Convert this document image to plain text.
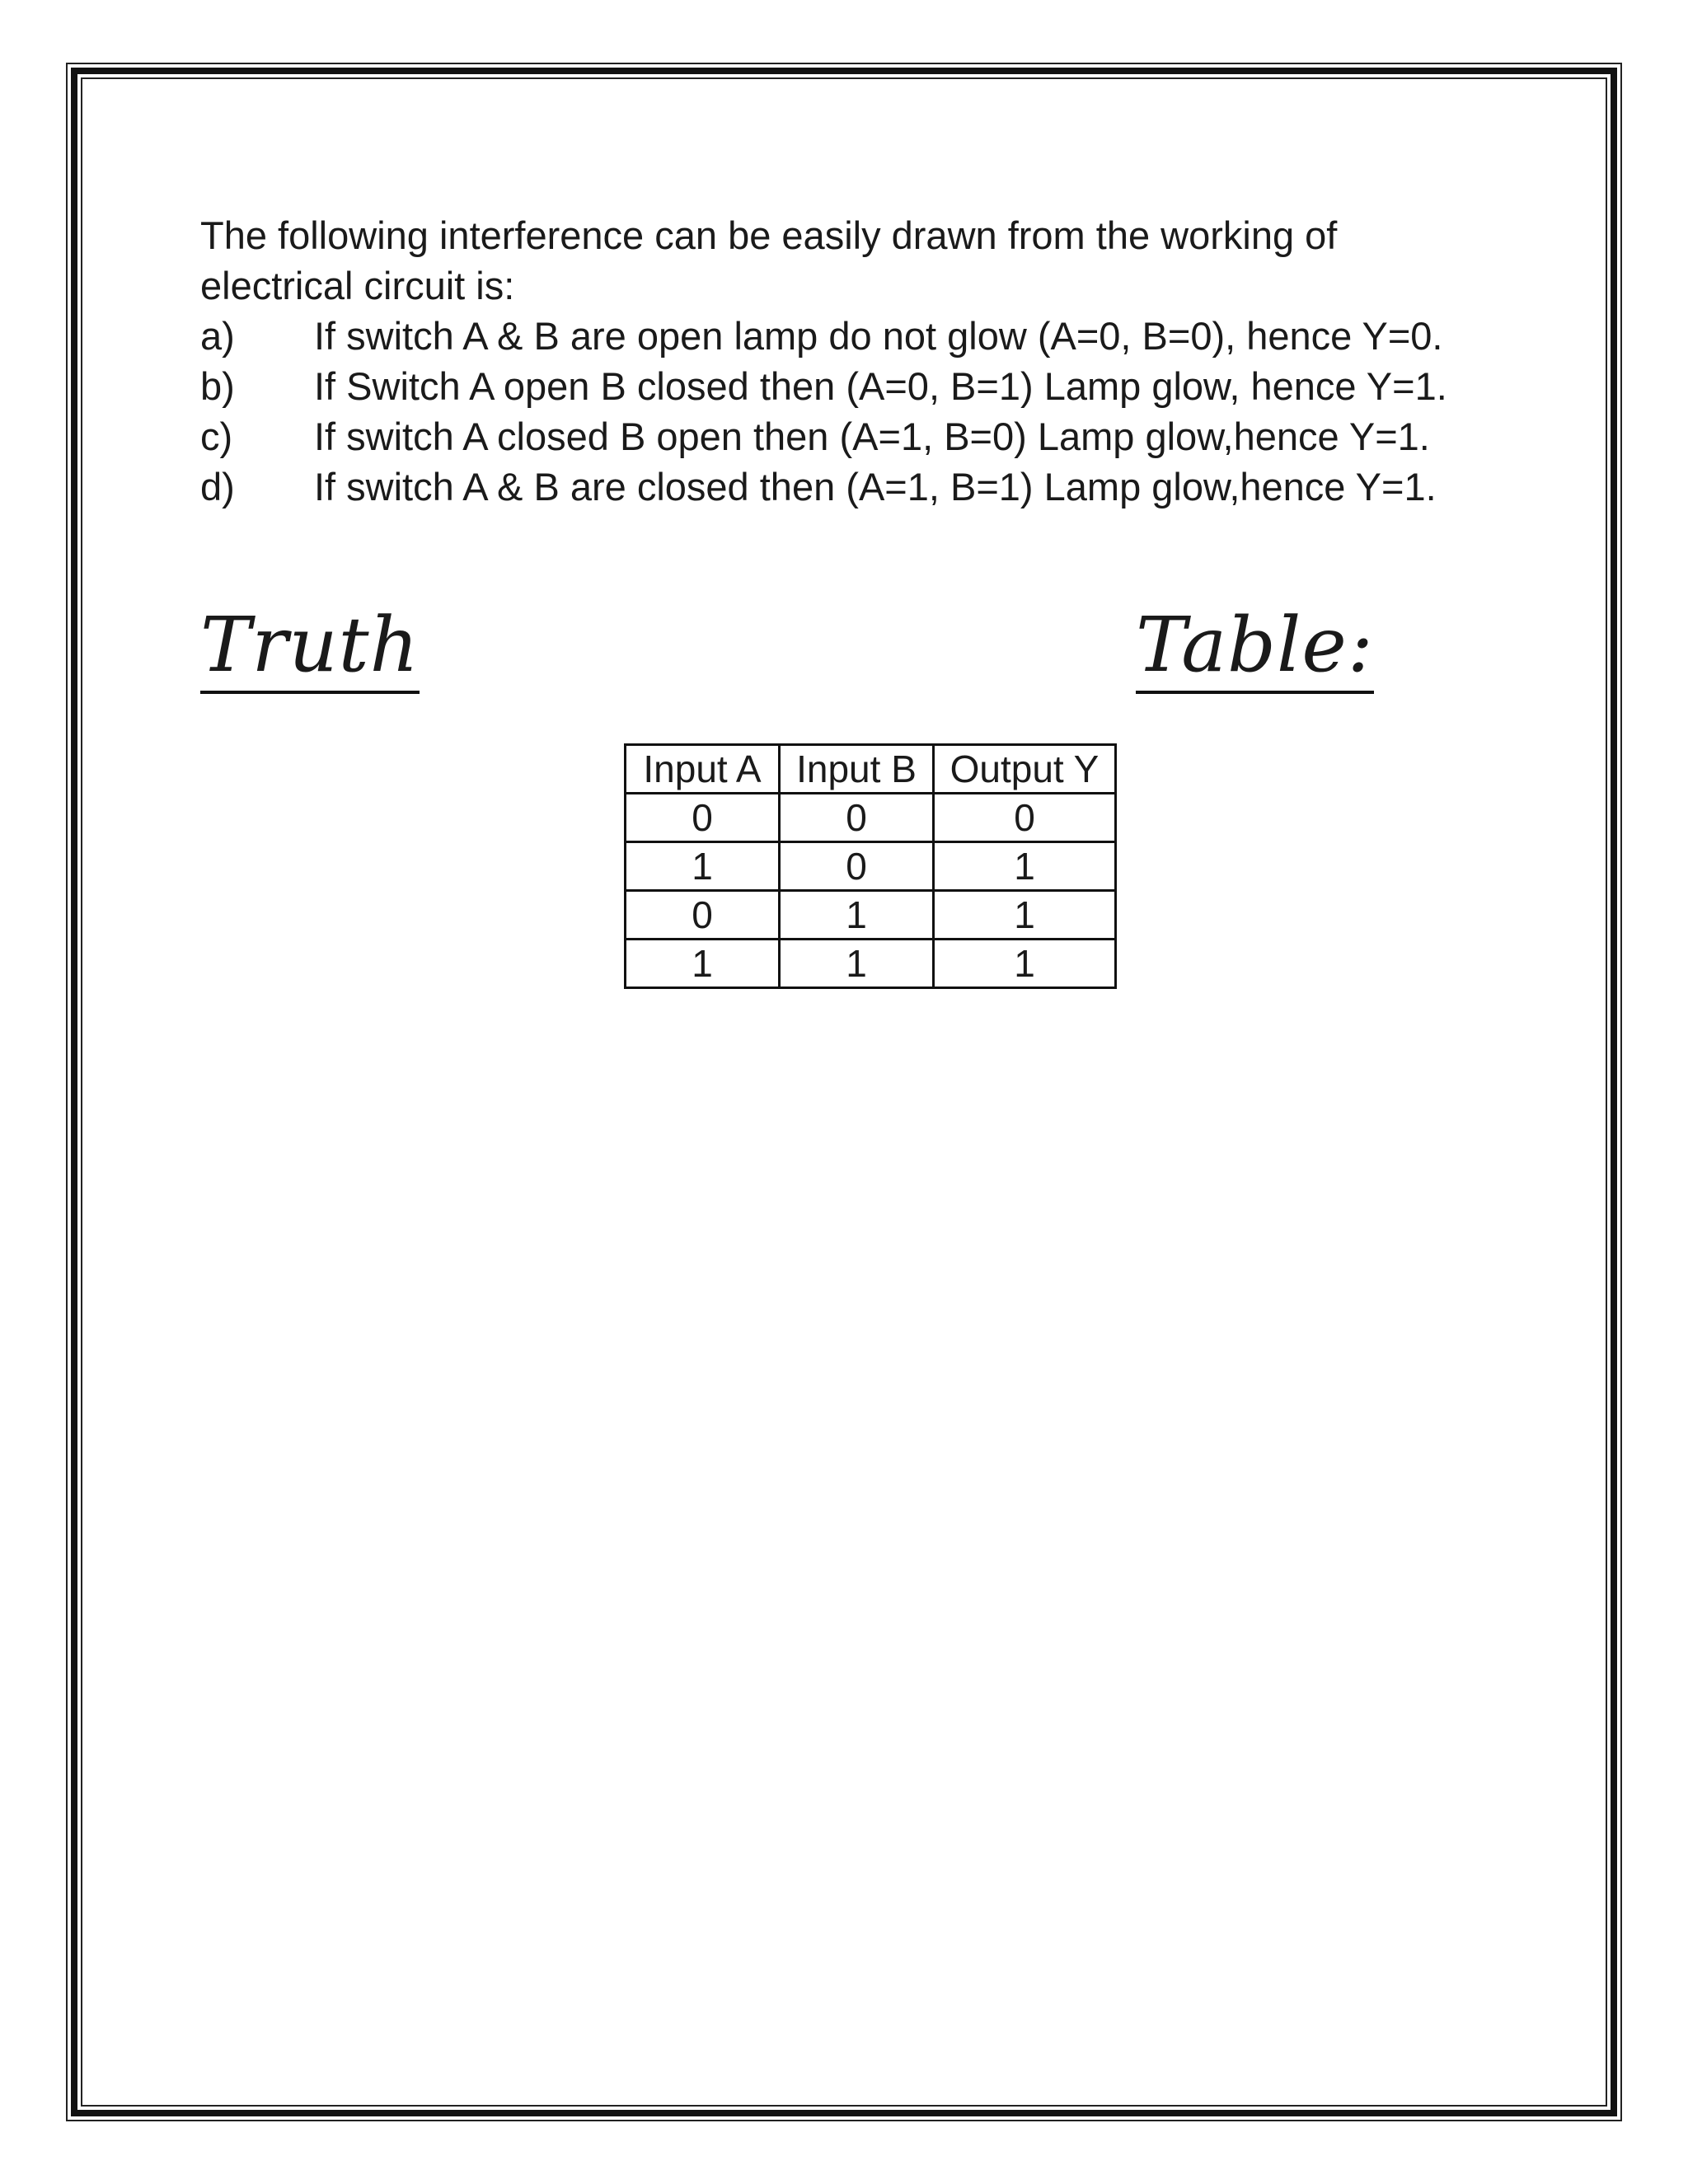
The following interference can be easily drawn from the working of electrical circuit is:

a) If switch A & B are open lamp do not glow (A=0, B=0), hence Y=0.
b) If Switch A open B closed then (A=0, B=1) Lamp glow, hence Y=1.
c) If switch A closed B open then (A=1, B=0) Lamp glow,hence Y=1.
d) If switch A & B are closed then (A=1, B=1) Lamp glow,hence Y=1.
Truth	Table:
Input A	Input B	Output Y
0	0	0
1	0	1
0	1	1
1	1	1
